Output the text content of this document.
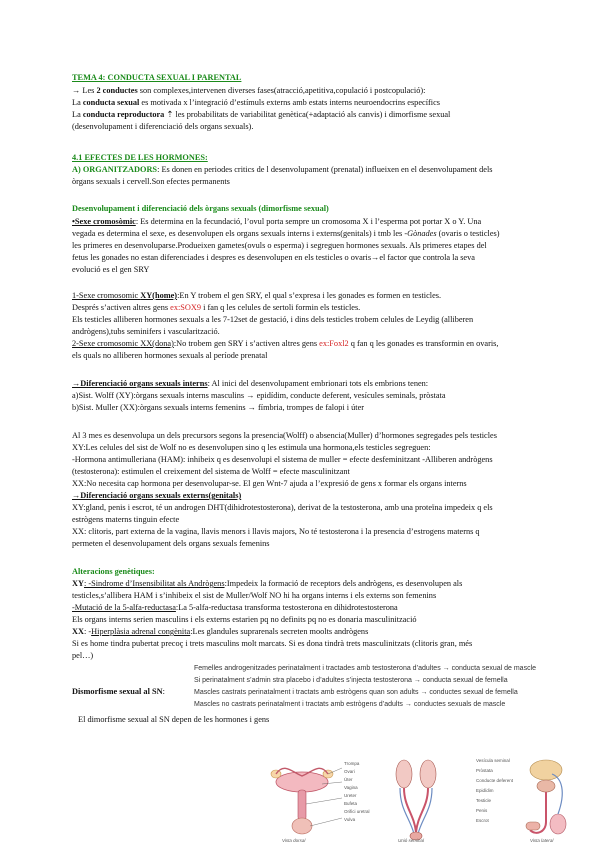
TEMA 4: CONDUCTA SEXUAL I PARENTAL
→ Les 2 conductes son complexes,intervenen diverses fases(atracció,apetitiva,copulació i postcopulació):
La conducta sexual es motivada x l’integració d’estímuls externs amb estats interns neuroendocrins específics
La conducta reproductora ⇡ les probabilitats de variabilitat genètica(+adaptació als canvis) i dimorfisme sexual
(desenvolupament i diferenciació dels organs sexuals).
4.1 EFECTES DE LES HORMONES:
A) ORGANITZADORS: Es donen en periodes critics de l desenvolupament (prenatal) influeixen en el desenvolupament dels
òrgans sexuals i cervell.Son efectes permanents
Desenvolupament i diferenciació dels òrgans sexuals (dimorfisme sexual)
•Sexe cromosòmic: Es determina en la fecundació, l’ovul porta sempre un cromosoma X i l’esperma pot portar X o Y. Una
vegada es determina el sexe, es desenvolupen els organs sexuals interns i externs(genitals) i tmb les -Gònades (ovaris o testicles)
les primeres en desenvoluparse.Produeixen gametes(ovuls o esperma) i segreguen hormones sexuals. Als primeres etapes del
fetus les gonades no estan diferenciades i despres es desenvolupen en els testicles o ovaris→el factor que controla la seva
evolució es el gen SRY
1-Sexe cromosomic XY(home):En Y trobem el gen SRY, el qual s’expresa i les gonades es formen en testicles.
Després s’activen altres gens ex:SOX9 i fan q les celules de sertoli formin els testicles.
Els testicles alliberen hormones sexuals a les 7-12set de gestació, i dins dels testicles trobem celules de Leydig (alliberen
andrògens),tubs seminifers i vascularització.
2-Sexe cromosomic XX(dona):No trobem gen SRY i s’activen altres gens ex:Foxl2 q fan q les gonades es transformin en ovaris,
els quals no alliberen hormones sexuals al període prenatal
→Diferenciació organs sexuals interns: Al inici del desenvolupament embrionari tots els embrions tenen:
a)Sist. Wolff (XY):òrgans sexuals interns masculins → epidídim, conducte deferent, vesícules seminals, pròstata
b)Sist. Muller (XX):òrgans sexuals interns femenins → fímbria, trompes de falopi i úter
Al 3 mes es desenvolupa un dels precursors segons la presencia(Wolff) o absencia(Muller) d’hormones segregades pels testicles
XY:Les celules del sist de Wolf no es desenvolupen sino q les estimula una hormona,els testicles segreguen:
-Hormona antimulleriana (HAM): inhibeix q es desenvolupi el sistema de muller = efecte desfeminitzant -Alliberen andrògens
(testosterona): estimulen el creixement del sistema de Wolff = efecte masculinitzant
XX:No necesita cap hormona per desenvolupar-se. El gen Wnt-7 ajuda a l’expresió de gens x formar els organs interns
→Diferenciació organs sexuals externs(genitals)
XY:gland, penis i escrot, té un androgen DHT(dihidrotestosterona), derivat de la testosterona, amb una proteïna impedeix q els
estrògens materns tinguin efecte
XX: clitoris, part externa de la vagina, llavis menors i llavis majors, No té testosterona i la presencia d’estrogens materns q
permeten el desenvolupament dels organs sexuals femenins
Alteracions genètiques:
XY: -Sindrome d’Insensibilitat als Andrògens:Impedeix la formació de receptors dels andrògens, es desenvolupen als
testicles,s’allibera HAM i s’inhibeix el sist de Muller/Wolf NO hi ha organs interns i els externs son femenins
-Mutació de la 5-alfa-reductasa:La 5-alfa-reductasa transforma testosterona en dihidrotestosterona
Els organs interns serien masculins i els externs estarien pq no definits pq no es donaria masculinització
XX: -Hiperplàsia adrenal congènita:Les glandules suprarenals secreten moolts andrògens
Si es home tindra pubertat precoç i trets masculins molt marcats. Si es dona tindrà trets masculinitzats (clitoris gran, més
pel…)
Femelles androgenitzades perinatalment i tractades amb testosterona d’adultes → conducta sexual de mascle
Si perinatalment s’admin stra placebo i d’adultes s’injecta testosterona → conducta sexual de femella
Dismorfisme sexual al SN:	Mascles castrats perinatalment i tractats amb estrògens quan son adults → conductes sexual de femella
Mascles no castrats perinatalment i tractats amb estrògens d’adults → conductes sexuals de mascle
El dimorfisme sexual al SN depen de les hormones i gens
Trompa
Ovari
Úter
Vagina
Ureter
Bufeta
Orifici uretral
Vulva
Vista dorsal	Unió seminal
Vesícula seminal
Pròstata
Conducte deferent
Epidídim
Testicle
Penis
Escrot
Vista lateral
